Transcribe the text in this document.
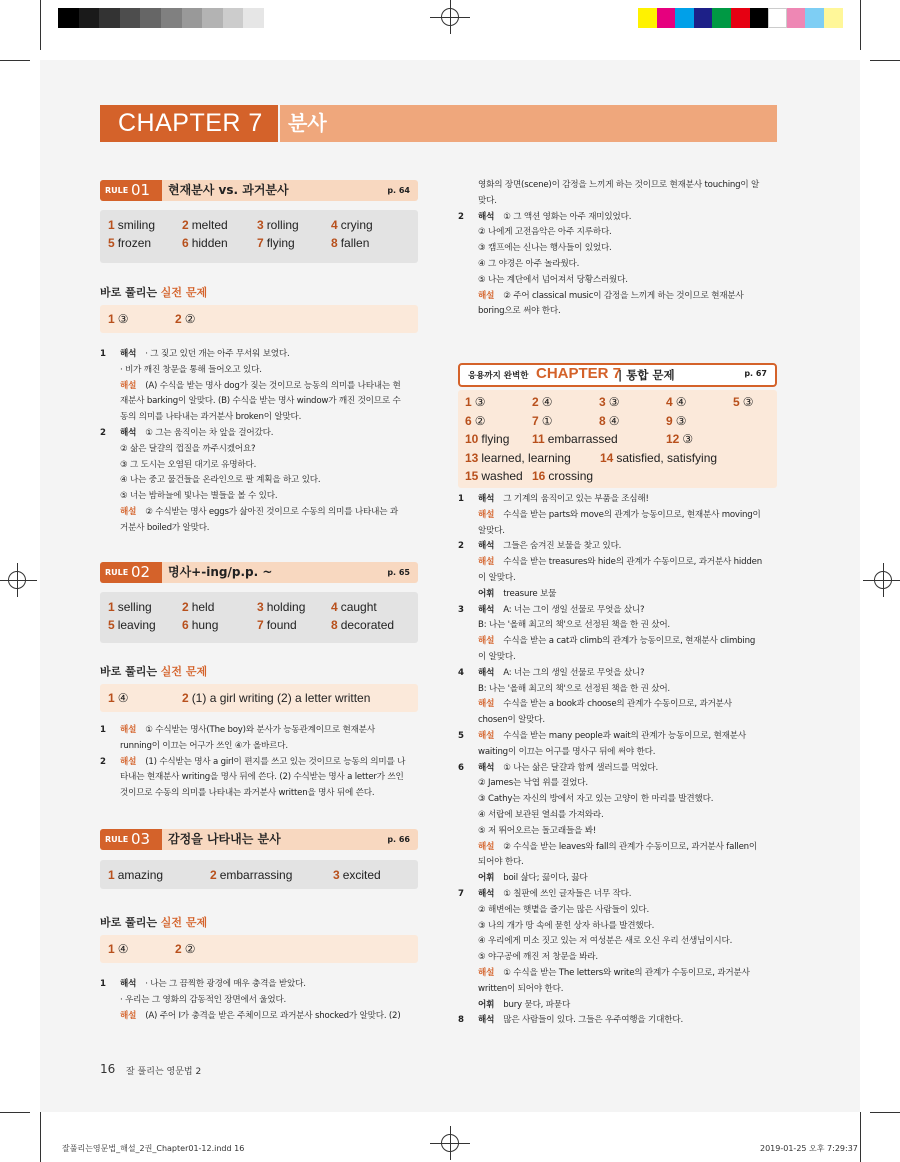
CHAPTER 7	분사
RULE 01 현재분사 vs. 과거분사	p. 64
1 smiling 2 melted 3 rolling	4 crying
5 frozen	6 hidden 7 flying	8 fallen
바로 풀리는 실전 문제
1 ③	2 ②
1 해석 · 그 짖고 있던 개는 아주 무서워 보였다.
· 비가 깨진 창문을 통해 들어오고 있다.
해설 (A) 수식을 받는 명사 dog가 짖는 것이므로 능동의 의미를 나타내는 현
재분사 barking이 알맞다. (B) 수식을 받는 명사 window가 깨진 것이므로 수
동의 의미를 나타내는 과거분사 broken이 알맞다.
2 해석 ① 그는 움직이는 차 앞을 걸어갔다.
② 삶은 달걀의 껍질을 까주시겠어요?
③ 그 도시는 오염된 대기로 유명하다.
④ 나는 중고 물건들을 온라인으로 팔 계획을 하고 있다.
⑤ 너는 밤하늘에 빛나는 별들을 볼 수 있다.
해설 ② 수식받는 명사 eggs가 삶아진 것이므로 수동의 의미를 나타내는 과
거분사 boiled가 알맞다.
RULE 02 명사+-ing/p.p. ~	p. 65
1 selling	2 held	3 holding 4 caught
5 leaving 6 hung	7 found	8 decorated
바로 풀리는 실전 문제
1 ④	2 (1) a girl writing (2) a letter written
1 해설 ① 수식받는 명사(The boy)와 분사가 능동관계이므로 현재분사
running이 이끄는 어구가 쓰인 ④가 올바르다.
2 해설 (1) 수식받는 명사 a girl이 편지를 쓰고 있는 것이므로 능동의 의미를 나
타내는 현재분사 writing을 명사 뒤에 쓴다. (2) 수식받는 명사 a letter가 쓰인
것이므로 수동의 의미를 나타내는 과거분사 written을 명사 뒤에 쓴다.
RULE 03 감정을 나타내는 분사	p. 66
1 amazing	2 embarrassing	3 excited
바로 풀리는 실전 문제
1 ④	2 ②
1 해석 · 나는 그 끔찍한 광경에 매우 충격을 받았다.
· 우리는 그 영화의 감동적인 장면에서 울었다.
해설 (A) 주어 I가 충격을 받은 주체이므로 과거분사 shocked가 알맞다. (2)
영화의 장면(scene)이 감정을 느끼게 하는 것이므로 현재분사 touching이 알
맞다.
2 해석 ① 그 액션 영화는 아주 재미있었다.
② 나에게 고전음악은 아주 지루하다.
③ 캠프에는 신나는 행사들이 있었다.
④ 그 야경은 아주 놀라웠다.
⑤ 나는 계단에서 넘어져서 당황스러웠다.
해설 ② 주어 classical music이 감정을 느끼게 하는 것이므로 현재분사
boring으로 써야 한다.
1 해석 그 기계의 움직이고 있는 부품을 조심해!
해설 수식을 받는 parts와 move의 관계가 능동이므로, 현재분사 moving이
알맞다.
2 해석 그들은 숨겨진 보물을 찾고 있다.
해설 수식을 받는 treasures와 hide의 관계가 수동이므로, 과거분사 hidden
이 알맞다.
어휘 treasure 보물
3 해석 A: 너는 그이 생일 선물로 무엇을 샀니?
B: 나는 '올해 최고의 책'으로 선정된 책을 한 권 샀어.
해설 수식을 받는 a cat과 climb의 관계가 능동이므로, 현재분사 climbing
이 알맞다.
4 해석 A: 너는 그의 생일 선물로 무엇을 샀니?
B: 나는 '올해 최고의 책'으로 선정된 책을 한 권 샀어.
해설 수식을 받는 a book과 choose의 관계가 수동이므로, 과거분사
chosen이 알맞다.
5 해설 수식을 받는 many people과 wait의 관계가 능동이므로, 현재분사
waiting이 이끄는 어구를 명사구 뒤에 써야 한다.
6 해석 ① 나는 삶은 달걀과 함께 샐러드를 먹었다.
② James는 낙엽 위를 걸었다.
③ Cathy는 자신의 방에서 자고 있는 고양이 한 마리를 발견했다.
④ 서랍에 보관된 열쇠를 가져와라.
⑤ 저 뛰어오르는 돌고래들을 봐!
해설 ② 수식을 받는 leaves와 fall의 관계가 수동이므로, 과거분사 fallen이
되어야 한다.
어휘 boil 삶다; 끓이다, 끓다
7 해석 ① 칠판에 쓰인 글자들은 너무 작다.
② 해변에는 햇볕을 즐기는 많은 사람들이 있다.
③ 나의 개가 땅 속에 묻힌 상자 하나를 발견했다.
④ 우리에게 미소 짓고 있는 저 여성분은 새로 오신 우리 선생님이시다.
⑤ 야구공에 깨진 저 창문을 봐라.
해설 ① 수식을 받는 The letters와 write의 관계가 수동이므로, 과거분사
written이 되어야 한다.
어휘 bury 묻다, 파묻다
8 해석 많은 사람들이 있다. 그들은 우주여행을 기대한다.
응용까지 완벽한 CHAPTER 7
| 통합 문제	p. 67
1 ③	2 ④	3 ③	4 ④	5 ③
6 ②	7 ①	8 ④	9 ③
10 flying 11 embarrassed	12 ③
13 learned, learning 14 satisfied, satisfying
15 washed 16 crossing
16 잘 풀리는 영문법 2
잘풀리는영문법_해설_2권_Chapter01-12.indd 16	2019-01-25 오후 7:29:37
